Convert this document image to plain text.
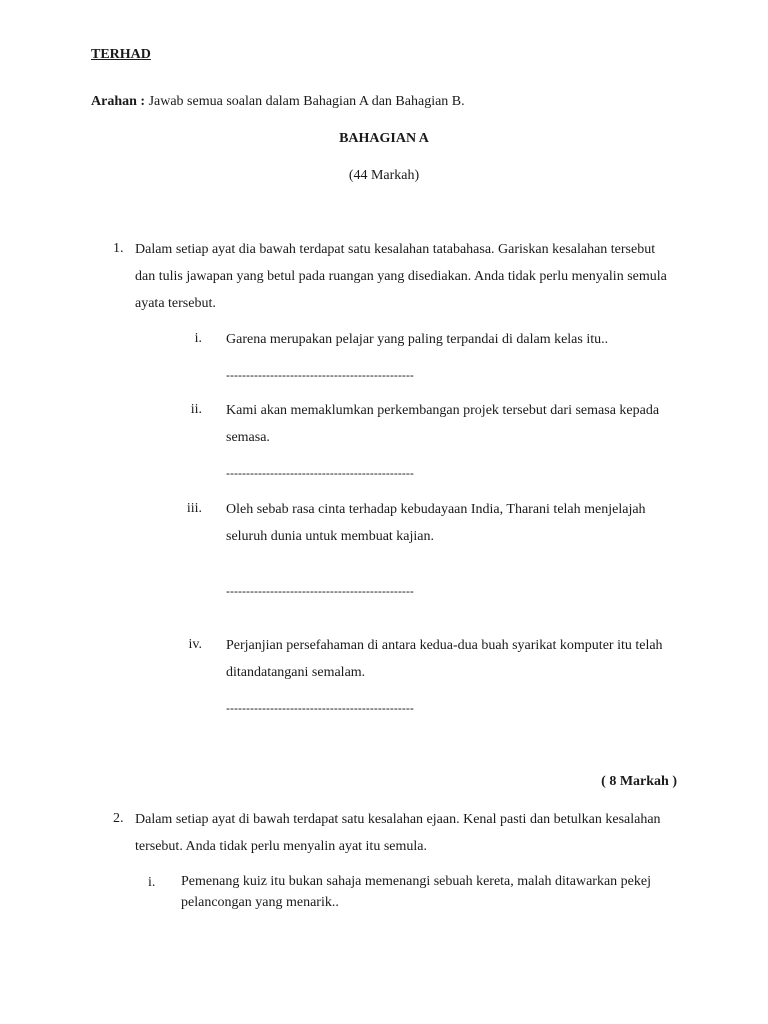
TERHAD
Arahan : Jawab semua soalan dalam Bahagian A dan Bahagian B.
BAHAGIAN A
(44 Markah)
1. Dalam setiap ayat dia bawah terdapat satu kesalahan tatabahasa. Gariskan kesalahan tersebut dan tulis jawapan yang betul pada ruangan yang disediakan. Anda tidak perlu menyalin semula ayata tersebut.
i. Garena merupakan pelajar yang paling terpandai di dalam kelas itu..
-----------------------------------------------
ii. Kami akan memaklumkan perkembangan projek tersebut dari semasa kepada semasa.
-----------------------------------------------
iii. Oleh sebab rasa cinta terhadap kebudayaan India, Tharani telah menjelajah seluruh dunia untuk membuat kajian.
-----------------------------------------------
iv. Perjanjian persefahaman di antara kedua-dua buah syarikat komputer itu telah ditandatangani semalam.
-----------------------------------------------
( 8 Markah )
2. Dalam setiap ayat di bawah terdapat satu kesalahan ejaan. Kenal pasti dan betulkan kesalahan tersebut. Anda tidak perlu menyalin ayat itu semula.
i. Pemenang kuiz itu bukan sahaja memenangi sebuah kereta, malah ditawarkan pekej pelancongan yang menarik..
